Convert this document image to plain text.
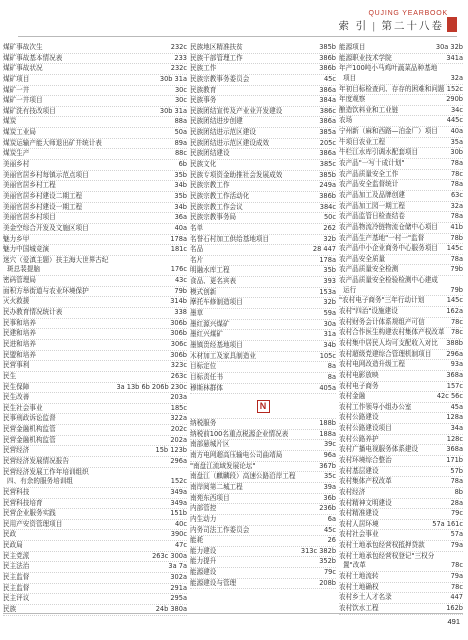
QUJING YEARBOOK
索 引 | 第二十八卷
煤矿事故次生	232c
煤矿事故基本情况表	233
煤矿事故状况	232c
煤矿项目	30b 31a
煤矿一井	30c
煤矿一井项目	30c
煤矿洗有技改项目	30b 31a
煤炭	88a
煤炭工业局	50a
煤炭运输产能大师退出矿井统计表	89a
煤炭生产	88c
美丽乡村	6b
美丽官居乡村每镇示范点项目	35b
美丽官居乡村工程	34b
美丽官居乡村建设二期工程	35b
美丽官居乡村建设一期工程	34b
美丽官居乡村项目	36a
美金空综合开发及文施区项目	40a
魅力乡甲	178a
魅力中国城竞演	181c
迷穴（爱滇主题）扶主海大世界古纪
斑总裴提脑	176c
密码管理局	43c
面积方举街道与农业环境保护	79b
灭火救援	314b
民办教育情况统计表	338
民事和培养	306b
民建和培养	306b
民进和培养	306c
民盟和培养	306b
民营事利	323c
民生	263c
民生保障	3a 13b 6b 206b 230c
民生改善	203a
民生社会事业	185c
民事刑政诉讼监督	322a
民营金融机构监管	202c
民营金融机构监管	202a
民营经济	15b 123b
民营经济发展情况报告	296a
民营经济发展工作年培训组织
四、有余的服务培训组	152c
民营科技	349a
民营科技培育	349a
民营企业服务实践	151b
民用产安资管理项目	40c
民政	390c
民政局	47c
民主党派	263c 300a
民主法治	3a 7a
民主监督	302a
民主监督	291a
民主评议	295a
民族	24b 380a
民族地区精准扶贫	385b
民族干部管理工作	386b
民族工作	386b
民族宗教事务委员会	45c
民族教育	386a
民族事务	384a
民族团结宣传及产业业开发建设	386c
民族团结进步创建	386a
民族团结进示范区建设	385a
民族团结进示范区建设成效	205c
民族团结建设	386a
民族文化	385c
民族专项资金助推社会发展成效	385b
民族宗教工作	249a
民族宗教工作活动化	386b
民族宗教工作会议	384c
民族宗教事务局	50c
名单	262
名誉石村加工供给基地项目	32b
名品	28 447
名片	178a
明融水库工程	35b
食品、更名宾表	393
模式创新	153a
摩托车修制造项目	32b
墨草	59a
墨红源兴煤矿	30a
墨红兴煤矿	31a
墨镇贵经基地项目	34b
木材加工及家具制造业	105c
目标定位	8a
目标责任书	8a
穆斯林群体	405a
N
纳税服务	188b
纳税前100名重点税源企业情况表	188a
南部悬城片区	39c
南方电网超高压输电公司曲靖局	96a
"南盘江流域发展论坛"	367b
南盘江（麒麟段）高速公路沿岸工程	35c
南岸阅第二城工程	39a
南苑东西项目	36b
内部管控	236b
内生动力	6a
内务司法工作委员会	45c
能耗	26
能力建设	313c 382b
能力提升	352b
能源建设	79c
能源建设与管理	208b
能源项目	30a 32b
能源职业技术学院	341a
年产100吨小马鸡叶蔬菜品种基地
项目	32a
年初目标检查问、存存的困难和问题 152c
年度观察	290b
酿造饮料业和工业链	34c
农场	445c
宁州新（麻和西路—泊金厂）项目 40a
牛项目农业工程	35a
牛栏江水库引调水配套项目	30b
农产品"一写十成计划"	78a
农产品质量安全工作	78c
农产品安全监督统计	78a
农产品加工及品牌创建	63c
农产品加工园一期工程	32a
农产品监管日检查结卷	78a
农产品物流冷链物流仓储中心项目 41b
农产品生产基地"一村一"监督	78b
农产品中小企业商务中心服务项目 145c
农产品安全质量	78a
农产品质量安全检测	79b
农产品质量安全检验检测中心建成
运行	79b
"农村电子商务"三年行动计划	145c
农村"四治"设施建设	162a
农村财务会计体系规组产可信	78c
农村合作医生构建农村集体产权改革 78c
农村集中居民人均可支配收入对比 388b
农村超级党建综合管理机制项目 296a
农村电网改造升级工程	93a
农村电影放映	368a
农村电子商务	157c
农村金融	42c 56c
农村工作领导小组办公室	45a
农村公路建设	128a
农村公路建设项目	34a
农村公路养护	128c
农村广播电视服务体系建设	368a
农村环境综合整治	171b
农村基层建设	57b
农村集体产权改革	78a
农村经济	8b
农村精神文明建设	28a
农村精准建设	79c
农村人居环境	57a 161c
农村社会事业	57a
农村土地承包经营权抵押贷款	79a
农村土地承包经营权登记"三权分
置"改革	78c
农村土地流转	79a
农村土地确权	78c
农村乡土人才名录	447
农村饮水工程	162b
491
